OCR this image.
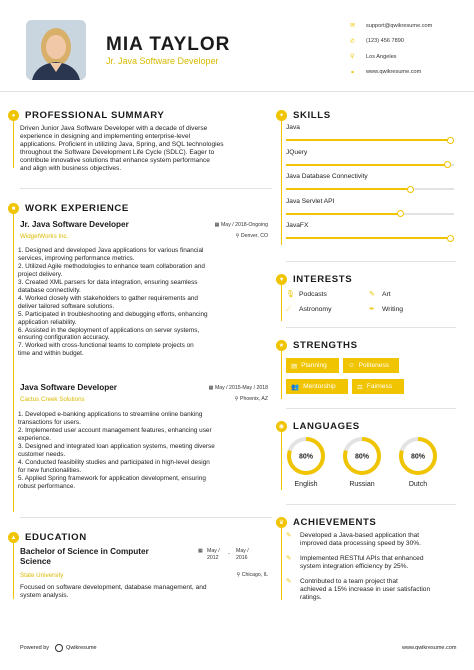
MIA TAYLOR
Jr. Java Software Developer
✉	support@qwikresume.com
✆	(123) 456 7890
⚲	Los Angeles
⚭	www.qwikresume.com
●	PROFESSIONAL SUMMARY
Driven Junior Java Software Developer with a decade of diverse
experience in designing and implementing enterprise-level
applications. Proficient in utilizing Java, Spring, and SQL technologies
throughout the Software Development Life Cycle (SDLC). Eager to
contribute innovative solutions that enhance system performance
and align with business objectives.
■	WORK EXPERIENCE
Jr. Java Software Developer
WidgetWorks Inc.
▦ May / 2018-Ongoing
⚲ Denver, CO
1. Designed and developed Java applications for various financial
services, improving performance metrics.
2. Utilized Agile methodologies to enhance team collaboration and
project delivery.
3. Created XML parsers for data integration, ensuring seamless
database connectivity.
4. Worked closely with stakeholders to gather requirements and
deliver tailored software solutions.
5. Participated in troubleshooting and debugging efforts, enhancing
application reliability.
6. Assisted in the deployment of applications on server systems,
ensuring configuration accuracy.
7. Worked with cross-functional teams to complete projects on
time and within budget.
Java Software Developer
Cactus Creek Solutions
▦ May / 2015-May / 2018
⚲ Phoenix, AZ
1. Developed e-banking applications to streamline online banking
transactions for users.
2. Implemented user account management features, enhancing user
experience.
3. Designed and integrated loan application systems, meeting diverse
customer needs.
4. Conducted feasibility studies and participated in high-level design
for new functionalities.
5. Applied Spring framework for application development, ensuring
robust performance.
▲ EDUCATION
Bachelor of Science in Computer
Science
State University
▦ May /
2012
-	May /
2016
⚲ Chicago, IL
Focused on software development, database management, and
system analysis.
✦ SKILLS
♥	INTERESTS
🎙 Podcasts	✎	Art
☄ Astronomy	✒	Writing
★ STRENGTHS
▤ Planning	☺ Politeness
👥 Mentorship	⚖ Fairness
◉ LANGUAGES
English	Russian	Dutch
♛ ACHIEVEMENTS
✎	Developed a Java-based application that
improved data processing speed by 30%.
✎	Implemented RESTful APIs that enhanced
system integration efficiency by 25%.
✎	Contributed to a team project that
achieved a 15% increase in user satisfaction
ratings.
Powered by	Qwikresume	www.qwikresume.com
Java
JQuery
Java Database Connectivity
Java Servlet API
JavaFX
80%	80%	80%
